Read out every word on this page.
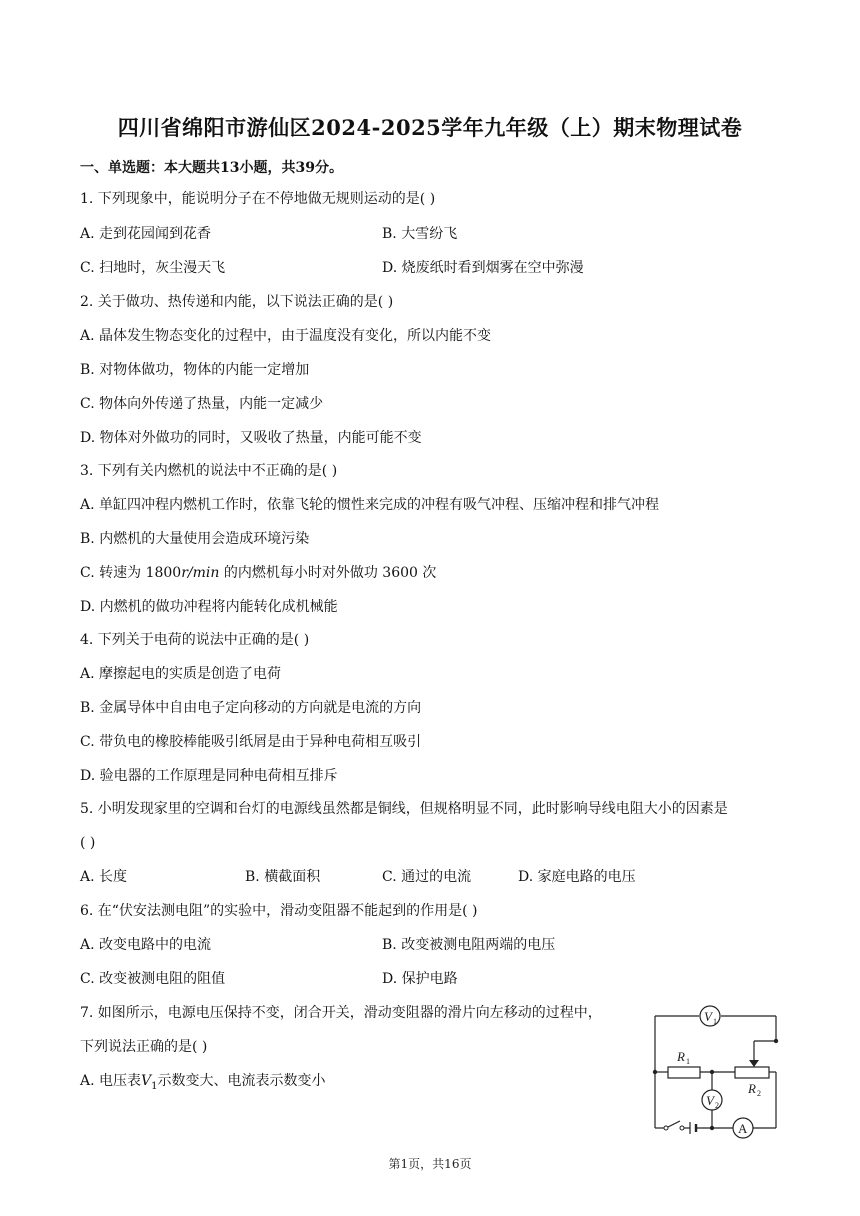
四川省绵阳市游仙区2024-2025学年九年级（上）期末物理试卷
一、单选题：本大题共13小题，共39分。
1. 下列现象中，能说明分子在不停地做无规则运动的是( )
A. 走到花园闻到花香	B. 大雪纷飞
C. 扫地时，灰尘漫天飞	D. 烧废纸时看到烟雾在空中弥漫
2. 关于做功、热传递和内能，以下说法正确的是( )
A. 晶体发生物态变化的过程中，由于温度没有变化，所以内能不变
B. 对物体做功，物体的内能一定增加
C. 物体向外传递了热量，内能一定减少
D. 物体对外做功的同时，又吸收了热量，内能可能不变
3. 下列有关内燃机的说法中不正确的是( )
A. 单缸四冲程内燃机工作时，依靠飞轮的惯性来完成的冲程有吸气冲程、压缩冲程和排气冲程
B. 内燃机的大量使用会造成环境污染
C. 转速为 1800r/min 的内燃机每小时对外做功 3600 次
D. 内燃机的做功冲程将内能转化成机械能
4. 下列关于电荷的说法中正确的是( )
A. 摩擦起电的实质是创造了电荷
B. 金属导体中自由电子定向移动的方向就是电流的方向
C. 带负电的橡胶棒能吸引纸屑是由于异种电荷相互吸引
D. 验电器的工作原理是同种电荷相互排斥
5. 小明发现家里的空调和台灯的电源线虽然都是铜线，但规格明显不同，此时影响导线电阻大小的因素是
( )
A. 长度	B. 横截面积	C. 通过的电流	D. 家庭电路的电压
6. 在“伏安法测电阻”的实验中，滑动变阻器不能起到的作用是( )
A. 改变电路中的电流	B. 改变被测电阻两端的电压
C. 改变被测电阻的阻值	D. 保护电路
7. 如图所示，电源电压保持不变，闭合开关，滑动变阻器的滑片向左移动的过程中，
下列说法正确的是( )
A. 电压表$V_1$示数变大、电流表示数变小
V 1
V 2
A
R 1
R 2
第1页，共16页
